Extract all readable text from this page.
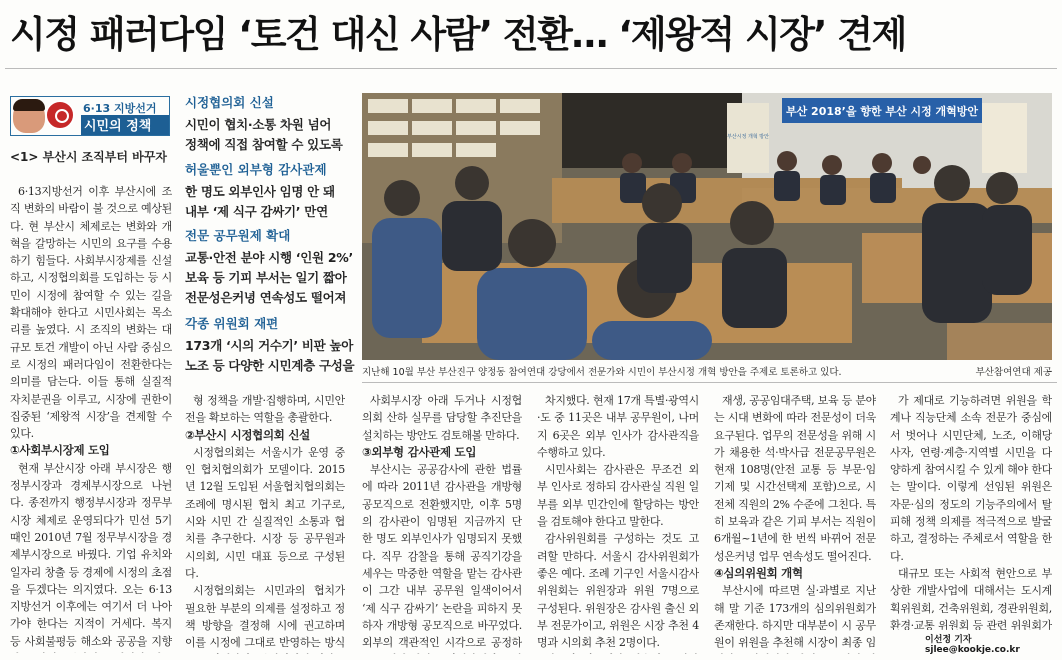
시정 패러다임 ‘토건 대신 사람’ 전환… ‘제왕적 시장’ 견제
6·13 지방선거
시민의 정책
<1> 부산시 조직부터 바꾸자
시정협의회 신설
시민이 협치·소통 차원 넘어
정책에 직접 참여할 수 있도록
허울뿐인 외부형 감사관제
한 명도 외부인사 임명 안 돼
내부 ‘제 식구 감싸기’ 만연
전문 공무원제 확대
교통·안전 분야 시행 ‘인원 2%’
보육 등 기피 부서는 일기 짧아
전문성은커녕 연속성도 떨어져
각종 위원회 재편
173개 ‘시의 거수기’ 비판 높아
노조 등 다양한 시민계층 구성을
부산 2018’을 향한 부산 시정 개혁방안
부산시정 개혁 방안
지난해 10월 부산 부산진구 양정동 참여연대 강당에서 전문가와 시민이 부산시정 개혁 방안을 주제로 토론하고 있다.	부산참여연대 제공

6·13지방선거 이후 부산시에 조직 변화의 바람이 불 것으로 예상된다. 현 부산시 체제로는 변화와 개혁을 갈망하는 시민의 요구를 수용하기 힘들다. 사회부시장제를 신설하고, 시정협의회를 도입하는 등 시민이 시정에 참여할 수 있는 길을 확대해야 한다고 시민사회는 목소리를 높였다. 시 조직의 변화는 대규모 토건 개발이 아닌 사람 중심으로 시정의 패러다임이 전환한다는 의미를 담는다. 이들 통해 실질적 자치분권을 이루고, 시장에 권한이 집중된 ‘제왕적 시장’을 견제할 수 있다.

①사회부시장제 도입

현재 부산시장 아래 부시장은 행정부시장과 경제부시장으로 나뉜다. 종전까지 행정부시장과 정무부시장 체제로 운영되다가 민선 5기 때인 2010년 7월 정무부시장을 경제부시장으로 바꿨다. 기업 유치와 일자리 창출 등 경제에 시정의 초점을 두겠다는 의지였다. 오는 6·13지방선거 이후에는 여기서 더 나아가야 한다는 지적이 거세다. 복지 등 사회불평등 해소와 공공을 지향

형 정책을 개발·집행하며, 시민안전을 확보하는 역할을 총괄한다.

②부산시 시정협의회 신설

시정협의회는 서울시가 운영 중인 협치협의회가 모델이다. 2015년 12월 도입된 서울협치협의회는 조례에 명시된 협치 최고 기구로, 시와 시민 간 실질적인 소통과 협치를 추구한다. 시장 등 공무원과 시의회, 시민 대표 등으로 구성된다.

시정협의회는 시민과의 협치가 필요한 부분의 의제를 설정하고 정책 방향을 결정해 시에 권고하며 이를 시정에 그대로 반영하는 방식

사회부시장 아래 두거나 시정협의회 산하 실무를 담당할 추진단을 설치하는 방안도 검토해볼 만하다.

③외부형 감사관제 도입

부산시는 공공감사에 관한 법률에 따라 2011년 감사관을 개방형 공모직으로 전환했지만, 이후 5명의 감사관이 임명된 지금까지 단 한 명도 외부인사가 임명되지 못했다. 직무 감찰을 통해 공직기강을 세우는 막중한 역할을 맡는 감사관이 그간 내부 공무원 일색이어서 ‘제 식구 감싸기’ 논란을 피하지 못하자 개방형 공모직으로 바꾸었다. 외부의 객관적인 시각으로 공정하

차지했다. 현재 17개 특별·광역시·도 중 11곳은 내부 공무원이, 나머지 6곳은 외부 인사가 감사관직을 수행하고 있다.

시민사회는 감사관은 무조건 외부 인사로 정하되 감사관실 직원 일부를 외부 민간인에 할당하는 방안을 검토해야 한다고 말한다.

감사위원회를 구성하는 것도 고려할 만하다. 서울시 감사위원회가 좋은 예다. 조례 기구인 서울시감사위원회는 위원장과 위원 7명으로 구성된다. 위원장은 감사원 출신 외부 전문가이고, 위원은 시장 추천 4명과 시의회 추천 2명이다.

재생, 공공임대주택, 보육 등 분야는 시대 변화에 따라 전문성이 더욱 요구된다. 업무의 전문성을 위해 시가 채용한 석·박사급 전문공무원은 현재 108명(안전 교통 등 부문·임기제 및 시간선택제 포함)으로, 시 전체 직원의 2% 수준에 그친다. 특히 보육과 같은 기피 부서는 직원이 6개월~1년에 한 번씩 바뀌어 전문성은커녕 업무 연속성도 떨어진다.

④심의위원회 개혁

부산시에 따르면 실·과별로 지난해 말 기준 173개의 심의위원회가 존재한다. 하지만 대부분이 시 공무원이 위원을 추천해 시장이 최종 임

가 제대로 기능하려면 위원을 학계나 직능단체 소속 전문가 중심에서 벗어나 시민단체, 노조, 이해당사자, 연령·계층·지역별 시민을 다양하게 참여시킬 수 있게 해야 한다는 말이다. 이렇게 선임된 위원은 자문·심의 정도의 기능주의에서 탈피해 정책 의제를 적극적으로 발굴하고, 결정하는 주체로서 역할을 한다.

대규모 또는 사회적 현안으로 부상한 개발사업에 대해서는 도시계획위원회, 건축위원회, 경관위원회, 환경·교통 위원회 등 관련 위원회가

이선정 기자 sjlee@kookje.co.kr
